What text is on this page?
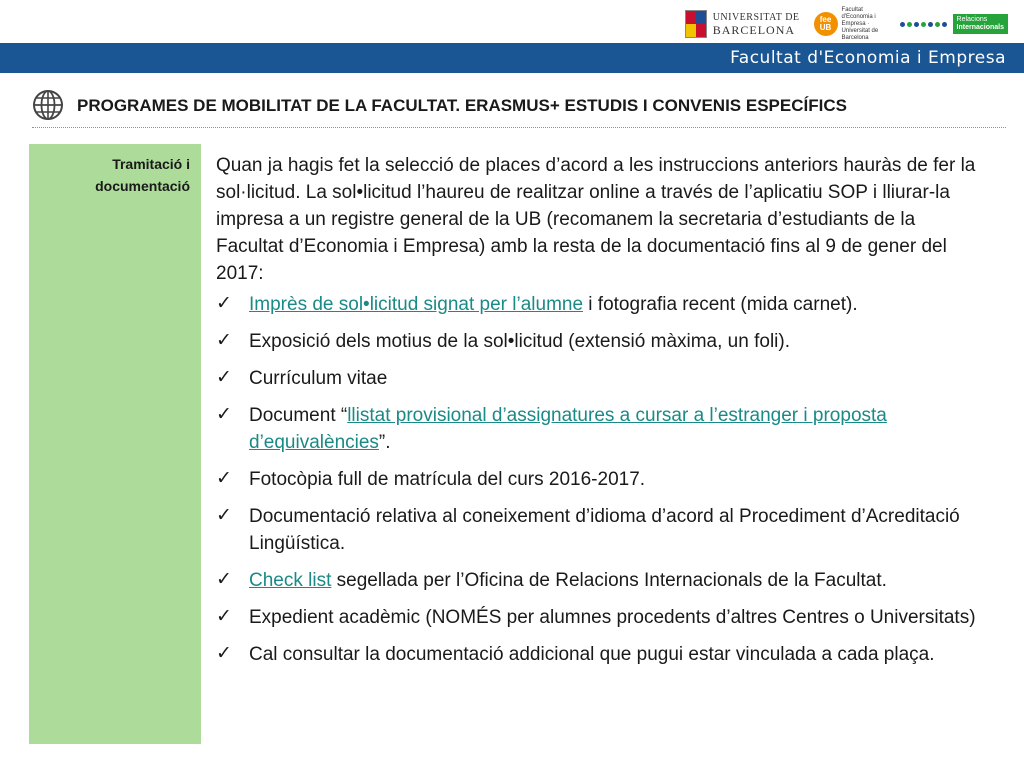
UNIVERSITAT DE
BARCELONA
fee UB
Facultat d'Economia i Empresa · Universitat de Barcelona
Relacions
Internacionals
Facultat d'Economia i Empresa
PROGRAMES DE MOBILITAT DE LA FACULTAT. ERASMUS+ ESTUDIS I CONVENIS ESPECÍFICS
Tramitació i
documentació

Quan ja hagis fet la selecció de places d’acord a les instruccions anteriors hauràs de fer la sol·licitud. La sol•licitud l’haureu de realitzar online a través de l’aplicatiu SOP i lliurar-la impresa a un registre general de la UB (recomanem la secretaria d’estudiants de la Facultat d’Economia i Empresa) amb la resta de la documentació fins al 9 de gener del 2017:

✓ Imprès de sol•licitud signat per l’alumne i fotografia recent (mida carnet).
✓ Exposició dels motius de la sol•licitud (extensió màxima, un foli).
✓ Currículum vitae
✓ Document “llistat provisional d’assignatures a cursar a l’estranger i proposta d’equivalències”.
✓ Fotocòpia full de matrícula del curs 2016-2017.
✓ Documentació relativa al coneixement d’idioma d’acord al Procediment d’Acreditació Lingüística.
✓ Check list segellada per l’Oficina de Relacions Internacionals de la Facultat.
✓ Expedient acadèmic (NOMÉS per alumnes procedents d’altres Centres o Universitats)
✓ Cal consultar la documentació addicional que pugui estar vinculada a cada plaça.
